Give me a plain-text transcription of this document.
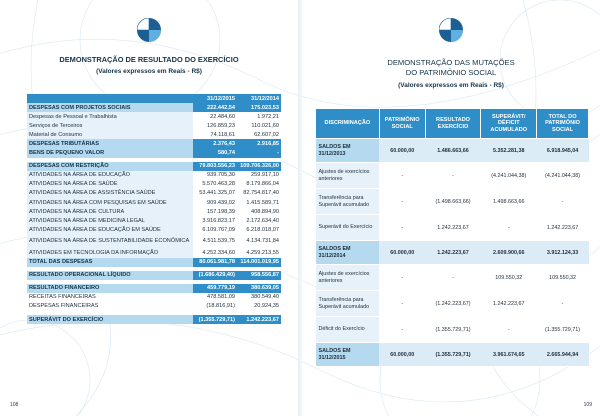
DEMONSTRAÇÃO DE RESULTADO DO EXERCÍCIO
(Valores expressos em Reais - R$)
	31/12/2015	31/12/2014
DESPESAS COM PROJETOS SOCIAIS	222.442,54	175.023,53
Despesas de Pessoal e Trabalhista	22.484,60	1.972,21
Serviços de Terceiros	126.859,23	110.021,60
Material de Consumo	74.118,61	62.607,02
DESPESAS TRIBUTÁRIAS	2.376,43	2.916,85
BENS DE PEQUENO VALOR	580,74	-

DESPESAS COM RESTRIÇÃO	79.803.556,23	109.706.326,00
ATIVIDADES NA ÁREA DE EDUCAÇÃO	939.705,30	259.917,10
ATIVIDADES NA ÁREA DE SAÚDE	5.570.463,28	8.179.866,04
ATIVIDADES NA ÁREA DE ASSISTÊNCIA SAÚDE	53.441.325,07	82.754.817,40
ATIVIDADES NA ÁREA COM PESQUISAS EM SAÚDE	909.439,02	1.415.589,71
ATIVIDADES NA ÁREA DE CULTURA	157.198,39	408.894,90
ATIVIDADES NA ÁREA DE MEDICINA LEGAL	3.916.823,17	2.172.634,40
ATIVIDADES NA ÁREA DE EDUCAÇÃO EM SAÚDE	6.109.767,09	6.218.018,07
ATIVIDADES NA ÁREA DE SUSTENTABILIDADE ECONÔMICA	4.511.539,75	4.134.731,84
ATIVIDADES EM TECNOLOGIA DA INFORMAÇÃO	4.252.334,60	4.259.213,55
TOTAL DAS DESPESAS	80.061.981,78	114.001.019,95

RESULTADO OPERACIONAL LÍQUIDO	(1.686.429,40)	958.556,87

RESULTADO FINANCEIRO	459.779,19	380.639,05
RECEITAS FINANCEIRAS	478.581,09	380.549,40
DESPESAS FINANCEIRAS	(18.816,91)	20.924,35

SUPERÁVIT DO EXERCÍCIO	(1.355.729,71)	1.242.223,67
108
DEMONSTRAÇÃO DAS MUTAÇÕES
DO PATRIMÔNIO SOCIAL
(Valores expressos em Reais - R$)
DISCRIMINAÇÃO	PATRIMÔNIO SOCIAL	RESULTADO EXERCÍCIO	SUPERÁVIT/ DÉFICIT ACUMULADO	TOTAL DO PATRIMÔNIO SOCIAL
SALDOS EM 31/12/2013	60.000,00	1.486.663,66	5.352.281,38	6.918.945,04
Ajustes de exercícios anteriores	-	-	(4.241.044,38)	(4.241.044,38)
Transferência para Superávit acumulado	-	(1.498.663,66)	1.498.663,66	-
Superávit do Exercício	-	1.242.223,67	-	1.242.223,67
SALDOS EM 31/12/2014	60.000,00	1.242.223,67	2.609.900,66	3.912.124,33
Ajustes de exercícios anteriores	-	-	109.550,32	109.550,32
Transferência para Superávit acumulado	-	(1.242.223,67)	1.242.223,67	-
Déficit do Exercício	-	(1.355.729,71)	-	(1.355.729,71)
SALDOS EM 31/12/2015	60.000,00	(1.355.729,71)	3.961.674,65	2.665.944,94
109
